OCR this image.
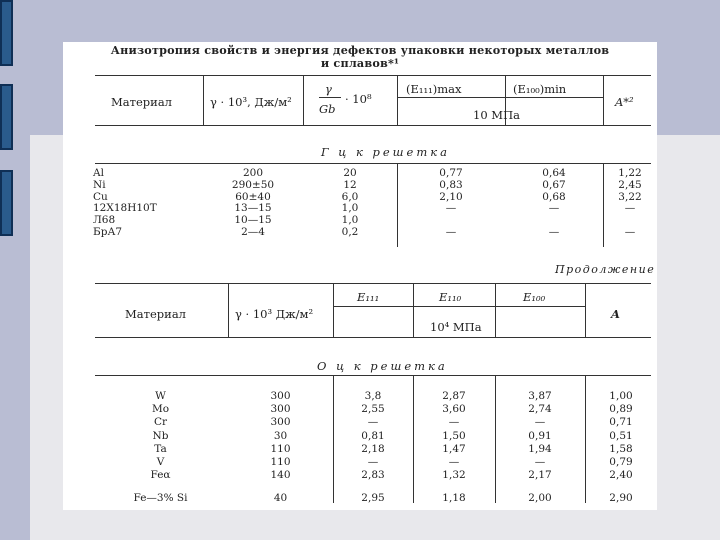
Анизотропия свойств и энергия дефектов упаковки некоторых металлов
и сплавов*¹
Материал	γ · 10³, Дж/м²
γ
Gb
· 10⁸
(E₁₁₁)max	(E₁₀₀)min
A*²
10 МПа
Г ц к решетка
Al	200	20	0,77	0,64	1,22
Ni	290±50	12	0,83	0,67	2,45
Cu	60±40	6,0	2,10	0,68	3,22
12Х18Н10Т	13—15	1,0	—	—	—
Л68	10—15	1,0
БрА7	2—4	0,2	—	—	—
Продолжение
Материал	γ · 10³ Дж/м²
E₁₁₁	E₁₁₀	E₁₀₀
A
10⁴ МПа
О ц к решетка
W	300	3,8	2,87	3,87	1,00
Mo	300	2,55	3,60	2,74	0,89
Cr	300	—	—	—	0,71
Nb	30	0,81	1,50	0,91	0,51
Ta	110	2,18	1,47	1,94	1,58
V	110	—	—	—	0,79
Feα	140	2,83	1,32	2,17	2,40
Fe—3% Si	40	2,95	1,18	2,00	2,90
